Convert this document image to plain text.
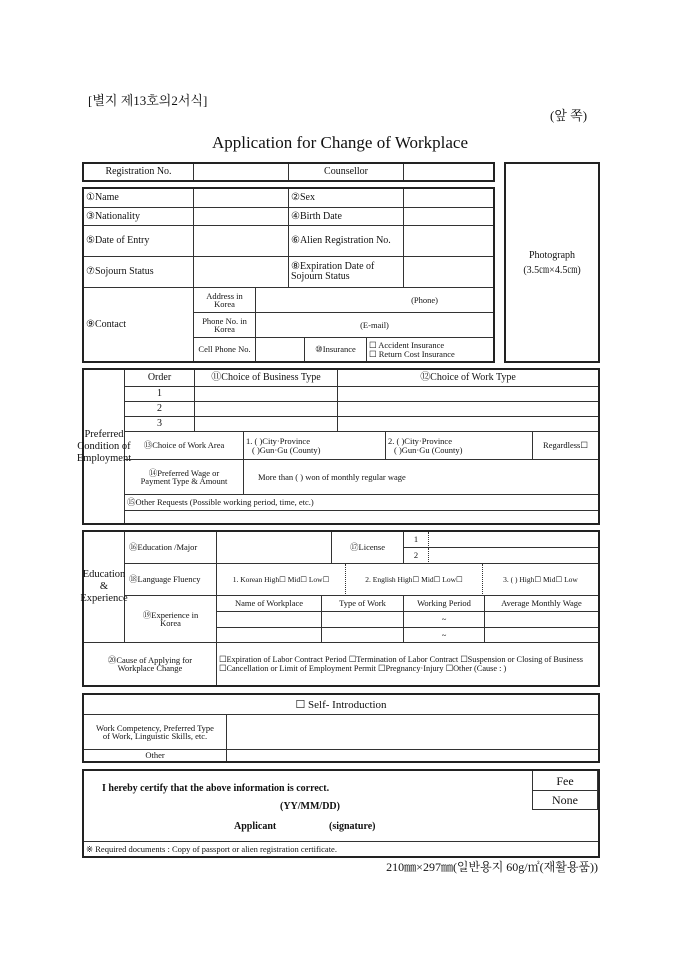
[별지 제13호의2서식]
(앞 쪽)
Application for Change of Workplace
Registration No.	Counsellor
①Name	②Sex
③Nationality	④Birth Date
⑤Date of Entry	⑥Alien Registration No.
⑦Sojourn Status	⑧Expiration Date of Sojourn Status
⑨Contact
Address in Korea	(Phone)
Phone No. in Korea	(E-mail)
Cell Phone No.	⑩Insurance	☐ Accident Insurance
☐ Return Cost Insurance
Photograph
(3.5㎝×4.5㎝)
Preferred Condition of Employment
Order	⑪Choice of Business Type	⑫Choice of Work Type
1
2
3
⑬Choice of Work Area	1. ( )City·Province
( )Gun·Gu (County)
2. ( )City·Province
( )Gun·Gu (County)	Regardless☐
⑭Preferred Wage or Payment Type & Amount	More than ( ) won of monthly regular wage
⑮Other Requests (Possible working period, time, etc.)
Education & Experience
⑯Education /Major	⑰License
1
2
⑱Language Fluency	1. Korean High☐ Mid☐ Low☐	2. English High☐ Mid☐ Low☐	3. ( ) High☐ Mid☐ Low
⑲Experience in Korea
Name of Workplace	Type of Work	Working Period	Average Monthly Wage
~
~
⑳Cause of Applying for Workplace Change
☐Expiration of Labor Contract Period ☐Termination of Labor Contract ☐Suspension or Closing of Business
☐Cancellation or Limit of Employment Permit ☐Pregnancy·Injury ☐Other (Cause : )
☐ Self- Introduction
Work Competency, Preferred Type of Work, Linguistic Skills, etc.
Other
I hereby certify that the above information is correct.
(YY/MM/DD)
Applicant	(signature)
Fee
None
※ Required documents : Copy of passport or alien registration certificate.
210㎜×297㎜(일반용지 60g/㎡(재활용품))
